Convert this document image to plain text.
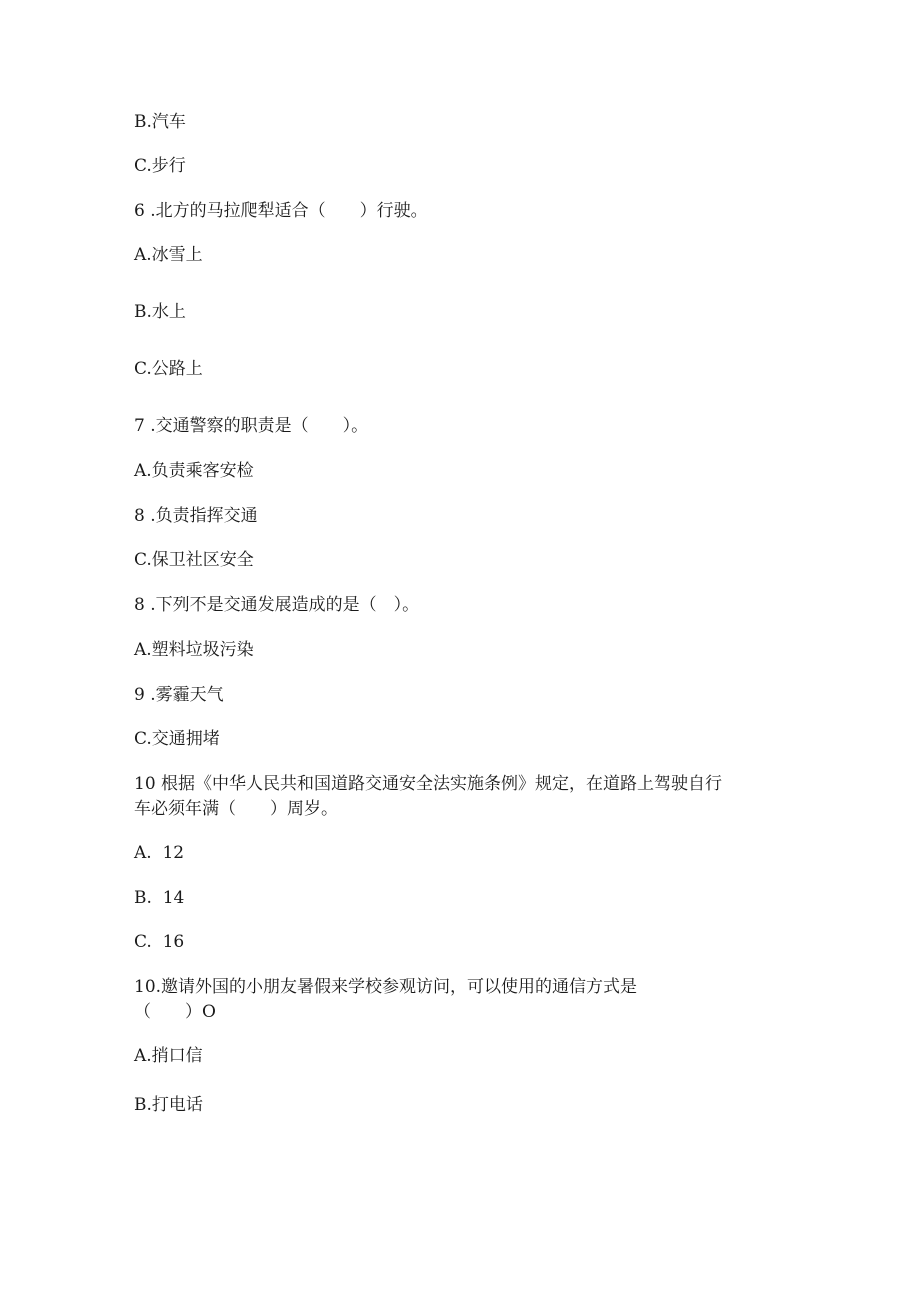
B.汽车
C.步行
6 .北方的马拉爬犁适合（　　）行驶。
A.冰雪上
B.水上
C.公路上
7 .交通警察的职责是（　　）。
A.负责乘客安检
8 .负责指挥交通
C.保卫社区安全
8 .下列不是交通发展造成的是（　）。
A.塑料垃圾污染
9 .雾霾天气
C.交通拥堵
10 根据《中华人民共和国道路交通安全法实施条例》规定，在道路上驾驶自行
车必须年满（　　）周岁。
A.  12
B.  14
C.  16
10.邀请外国的小朋友暑假来学校参观访问，可以使用的通信方式是
（　　）O
A.捎口信
B.打电话
